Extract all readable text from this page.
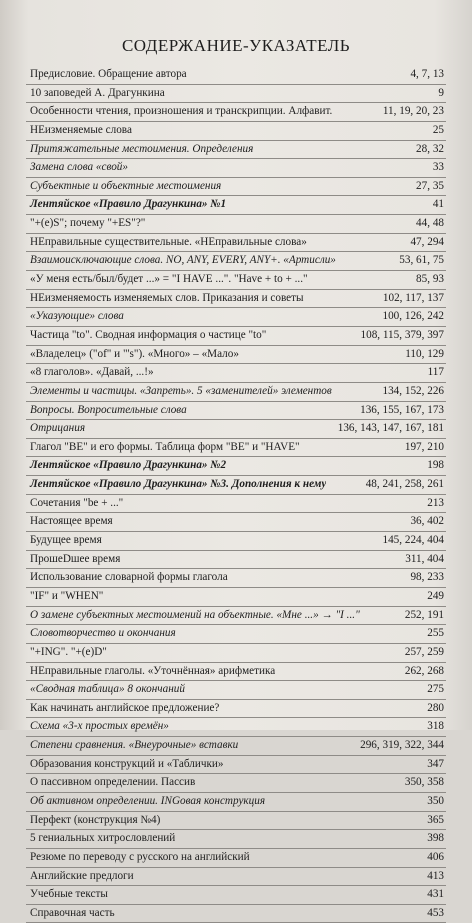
СОДЕРЖАНИЕ-УКАЗАТЕЛЬ
Предисловие. Обращение автора	4, 7, 13
10 заповедей А. Драгункина	9
Особенности чтения, произношения и транскрипции. Алфавит.	11, 19, 20, 23
НЕизменяемые слова	25
Притяжательные местоимения. Определения	28, 32
Замена слова «свой»	33
Субъектные и объектные местоимения	27, 35
Лентяйское «Правило Драгункина» №1	41
"+(e)S"; почему "+ES"?"	44, 48
НЕправильные существительные. «НЕправильные слова»	47, 294
Взаимоисключающие слова. NO, ANY, EVERY, ANY+. «Артисли»	53, 61, 75
«У меня есть/был/будет ...» = "I HAVE ...". "Have + to + ..."	85, 93
НЕизменяемость изменяемых слов. Приказания и советы	102, 117, 137
«Указующие» слова	100, 126, 242
Частица "to". Сводная информация о частице "to"	108, 115, 379, 397
«Владелец» ("of" и "'s"). «Много» – «Мало»	110, 129
«8 глаголов». «Давай, ...!»	117
Элементы и частицы. «Запреть». 5 «заменителей» элементов	134, 152, 226
Вопросы. Вопросительные слова	136, 155, 167, 173
Отрицания	136, 143, 147, 167, 181
Глагол "BE" и его формы. Таблица форм "BE" и "HAVE"	197, 210
Лентяйское «Правило Драгункина» №2	198
Лентяйское «Правило Драгункина» №3. Дополнения к нему	48, 241, 258, 261
Сочетания "be + ..."	213
Настоящее время	36, 402
Будущее время	145, 224, 404
ПрошеDшее время	311, 404
Использование словарной формы глагола	98, 233
"IF" и "WHEN"	249
О замене субъектных местоимений на объектные. «Мне ...» → "I ..."	252, 191
Словотворчество и окончания	255
"+ING". "+(e)D"	257, 259
НЕправильные глаголы. «Уточнённая» арифметика	262, 268
«Сводная таблица» 8 окончаний	275
Как начинать английское предложение?	280
Схема «3-х простых времён»	318
Степени сравнения. «Внеурочные» вставки	296, 319, 322, 344
Образования конструкций и «Таблички»	347
О пассивном определении. Пассив	350, 358
Об активном определении. INGовая конструкция	350
Перфект (конструкция №4)	365
5 гениальных хитрословлений	398
Резюме по переводу с русского на английский	406
Английские предлоги	413
Учебные тексты	431
Справочная часть	453
